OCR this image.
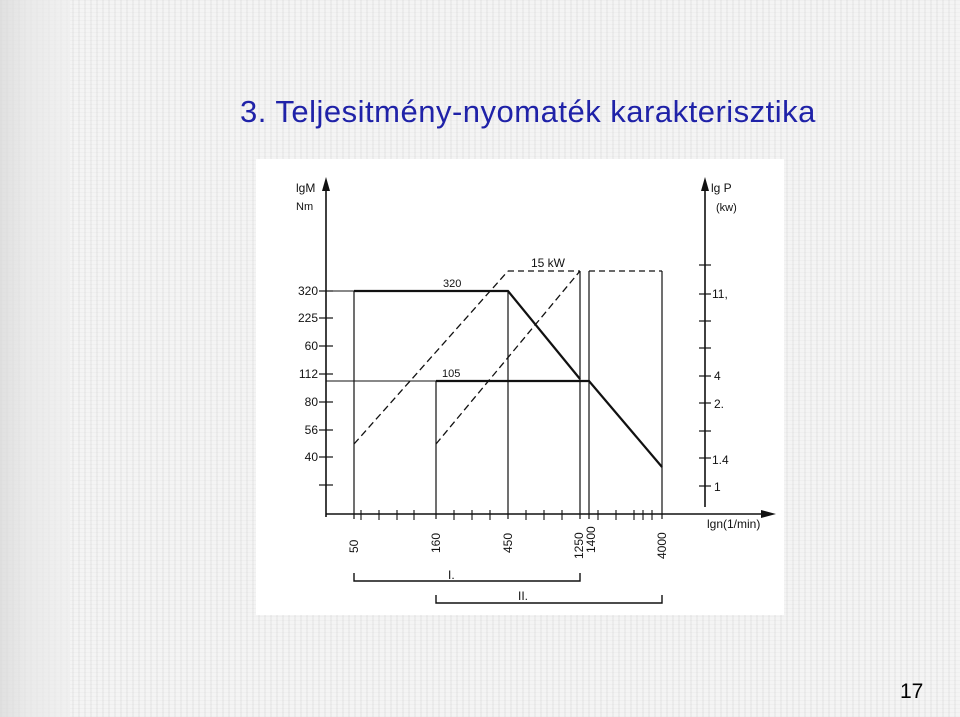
3. Teljesitmény-nyomaték karakterisztika
lgM
Nm
lg P
(kw)
lgn(1/min)
320
225
60
112
80
56
40
11,
4
2.
1.4
1
50	160	450	1250
1400	4000
15 kW
320
105
I.
II.
17
